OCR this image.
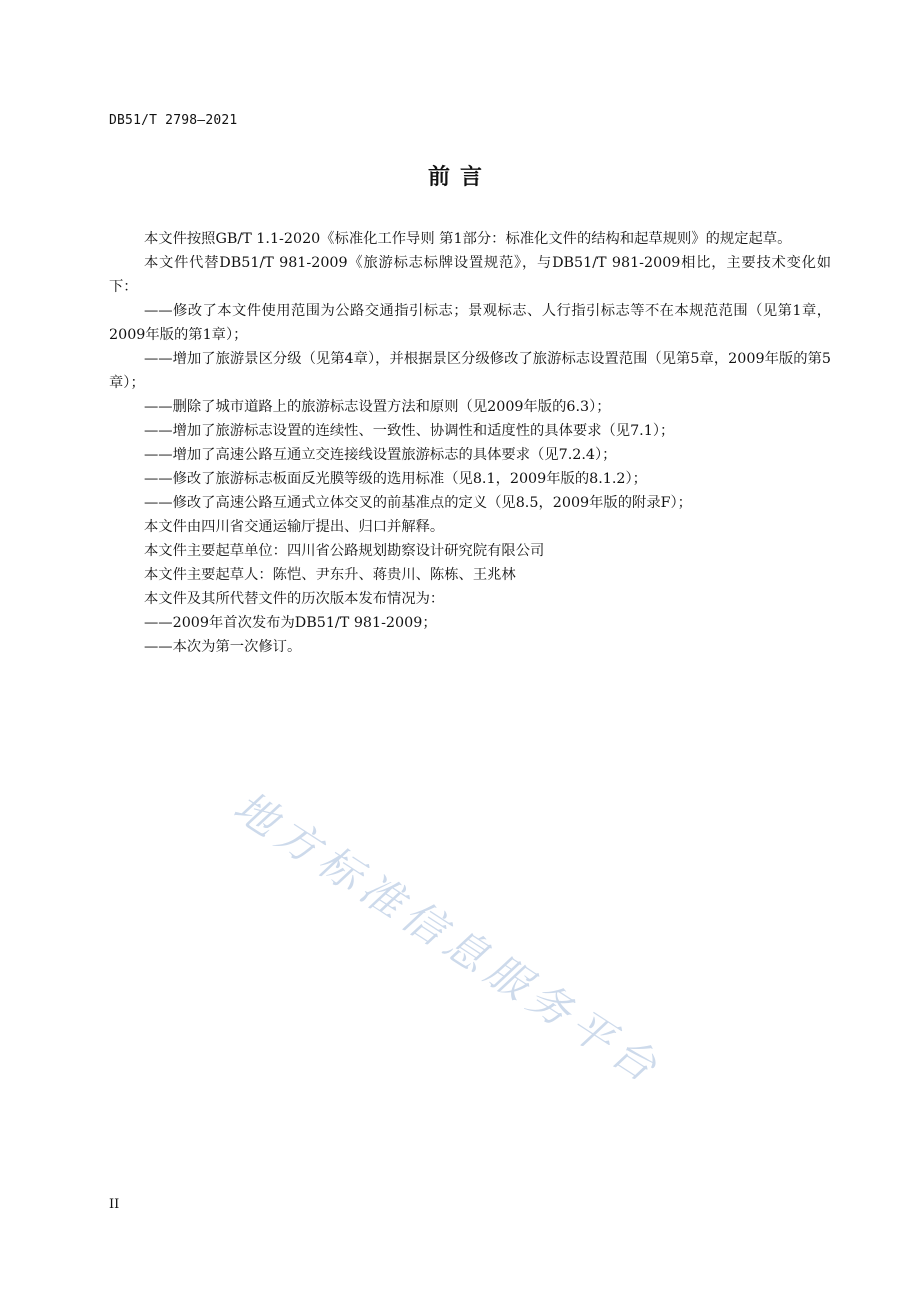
DB51/T 2798—2021
前言

本文件按照GB/T 1.1-2020《标准化工作导则 第1部分：标准化文件的结构和起草规则》的规定起草。

本文件代替DB51/T 981-2009《旅游标志标牌设置规范》，与DB51/T 981-2009相比，主要技术变化如下：

——修改了本文件使用范围为公路交通指引标志；景观标志、人行指引标志等不在本规范范围（见第1章，2009年版的第1章）；

——增加了旅游景区分级（见第4章），并根据景区分级修改了旅游标志设置范围（见第5章，2009年版的第5章）；

——删除了城市道路上的旅游标志设置方法和原则（见2009年版的6.3）；

——增加了旅游标志设置的连续性、一致性、协调性和适度性的具体要求（见7.1）；

——增加了高速公路互通立交连接线设置旅游标志的具体要求（见7.2.4）；

——修改了旅游标志板面反光膜等级的选用标准（见8.1，2009年版的8.1.2）；

——修改了高速公路互通式立体交叉的前基准点的定义（见8.5，2009年版的附录F）；

本文件由四川省交通运输厅提出、归口并解释。

本文件主要起草单位：四川省公路规划勘察设计研究院有限公司

本文件主要起草人：陈恺、尹东升、蒋贵川、陈栋、王兆林

本文件及其所代替文件的历次版本发布情况为：

——2009年首次发布为DB51/T 981-2009；

——本次为第一次修订。

地方标准信息服务平台
II
